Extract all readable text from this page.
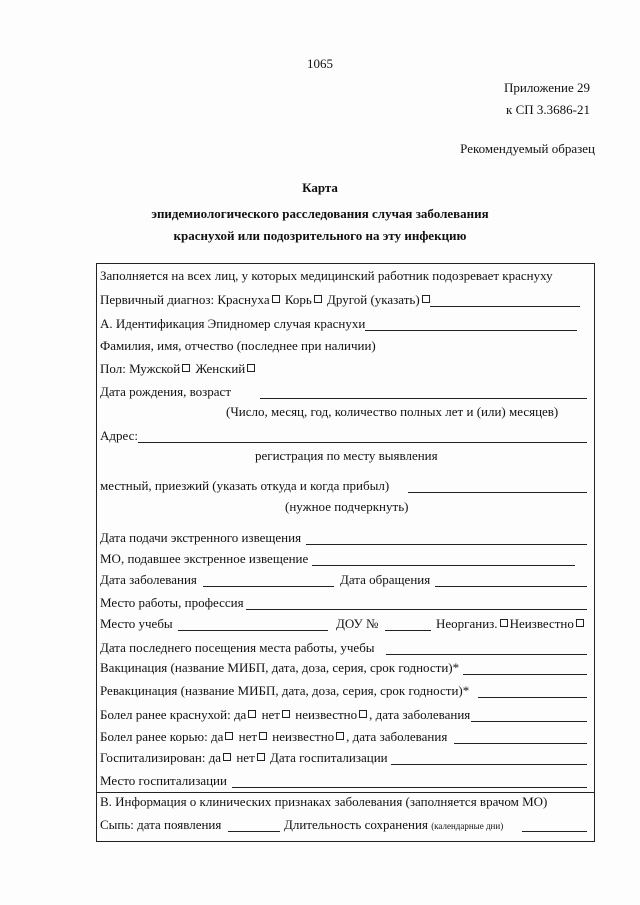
1065
Приложение 29
к СП 3.3686-21
Рекомендуемый образец
Карта
эпидемиологического расследования случая заболевания
краснухой или подозрительного на эту инфекцию
Заполняется на всех лиц, у которых медицинский работник подозревает краснуху
Первичный диагноз: Краснуха Корь Другой (указать)
А. Идентификация Эпидномер случая краснухи
Фамилия, имя, отчество (последнее при наличии)
Пол: Мужской Женский
Дата рождения, возраст
(Число, месяц, год, количество полных лет и (или) месяцев)
Адрес:
регистрация по месту выявления
местный, приезжий (указать откуда и когда прибыл)
(нужное подчеркнуть)
Дата подачи экстренного извещения
МО, подавшее экстренное извещение
Дата заболевания	Дата обращения
Место работы, профессия
Место учебы	ДОУ №	Неорганиз. Неизвестно
Дата последнего посещения места работы, учебы
Вакцинация (название МИБП, дата, доза, серия, срок годности)*
Ревакцинация (название МИБП, дата, доза, серия, срок годности)*
Болел ранее краснухой: да нет неизвестно , дата заболевания
Болел ранее корью: да нет неизвестно , дата заболевания
Госпитализирован: да нет Дата госпитализации
Место госпитализации
В. Информация о клинических признаках заболевания (заполняется врачом МО)
Сыпь: дата появления	Длительность сохранения (календарные дни)
